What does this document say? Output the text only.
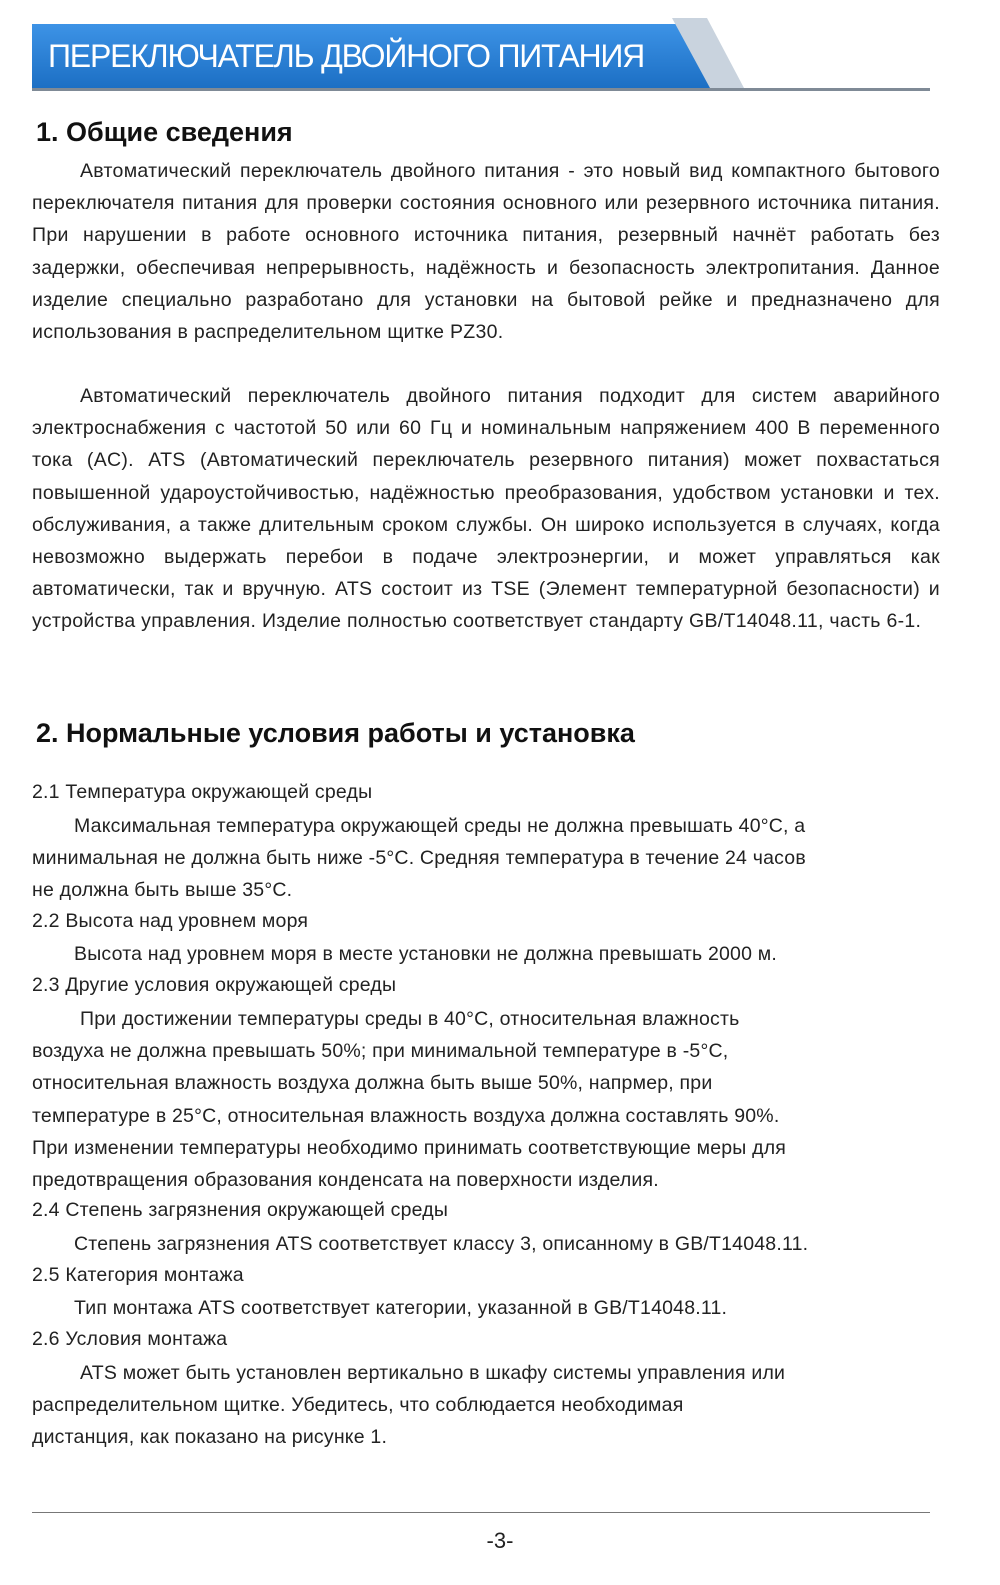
ПЕРЕКЛЮЧАТЕЛЬ ДВОЙНОГО ПИТАНИЯ
1. Общие сведения
Автоматический переключатель двойного питания - это новый вид компактного бытового переключателя питания для проверки состояния основного или резервного источника питания. При нарушении в работе основного источника питания, резервный начнёт работать без задержки, обеспечивая непрерывность, надёжность и безопасность электропитания. Данное изделие специально разработано для установки на бытовой рейке и предназначено для использования в распределительном щитке PZ30.
Автоматический переключатель двойного питания подходит для систем аварийного электроснабжения с частотой 50 или 60 Гц и номинальным напряжением 400 В переменного тока (AC). ATS (Автоматический переключатель резервного питания) может похвастаться повышенной ударoустойчивостью, надёжностью преобразования, удобством установки и тех. обслуживания, а также длительным сроком службы. Он широко используется в случаях, когда невозможно выдержать перебои в подаче электроэнергии, и может управляться как автоматически, так и вручную. ATS состоит из TSE (Элемент температурной безопасности) и устройства управления. Изделие полностью соответствует стандарту GB/T14048.11, часть 6-1.
2. Нормальные условия работы и установка
2.1 Температура окружающей среды
Максимальная температура окружающей среды не должна превышать 40°С, а
минимальная не должна быть ниже -5°С. Средняя температура в течение 24 часов
не должна быть выше 35°С.
2.2 Высота над уровнем моря
Высота над уровнем моря в месте установки не должна превышать 2000 м.
2.3 Другие условия окружающей среды
При достижении температуры среды в 40°С, относительная влажность
воздуха не должна превышать 50%; при минимальной температуре в -5°С,
относительная влажность воздуха должна быть выше 50%, напрмер, при
температуре в 25°С, относительная влажность воздуха должна составлять 90%.
При изменении температуры необходимо принимать соответствующие меры для
предотвращения образования конденсата на поверхности изделия.
2.4 Степень загрязнения окружающей среды
Степень загрязнения ATS соответствует классу 3, описанному в GB/T14048.11.
2.5 Категория монтажа
Тип монтажа ATS соответствует категории, указанной в GB/T14048.11.
2.6 Условия монтажа
ATS может быть установлен вертикально в шкафу системы управления или
распределительном щитке. Убедитесь, что соблюдается необходимая
дистанция, как показано на рисунке 1.
-3-
